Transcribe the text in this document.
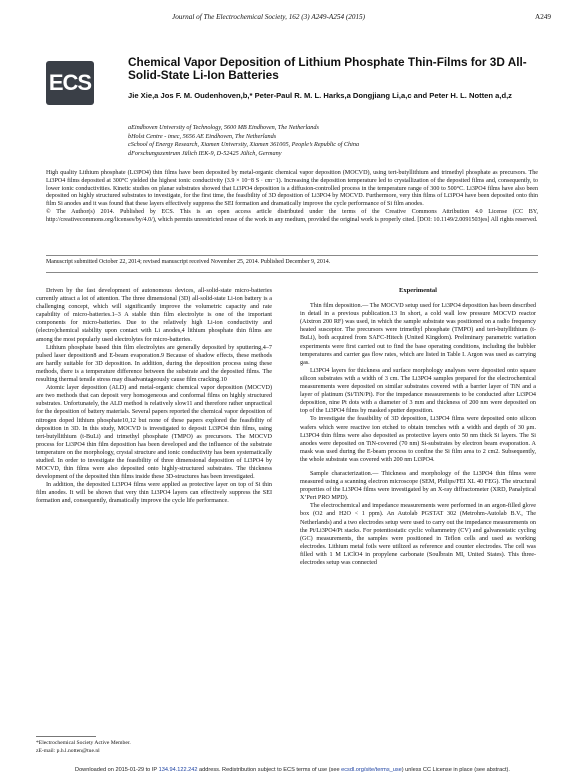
Journal of The Electrochemical Society, 162 (3) A249-A254 (2015)	A249
ECS
Chemical Vapor Deposition of Lithium Phosphate Thin-Films for 3D All-Solid-State Li-Ion Batteries
Jie Xie,a Jos F. M. Oudenhoven,b,* Peter-Paul R. M. L. Harks,a Dongjiang Li,a,c and Peter H. L. Notten a,d,z
aEindhoven University of Technology, 5600 MB Eindhoven, The Netherlands
bHolst Centre - imec, 5656 AE Eindhoven, The Netherlands
cSchool of Energy Research, Xiamen University, Xiamen 361005, People’s Republic of China
dForschungszentrum Jülich IEK-9, D-52425 Jülich, Germany

High quality Lithium phosphate (Li3PO4) thin films have been deposited by metal-organic chemical vapor deposition (MOCVD), using tert-butyllithium and trimethyl phosphate as precursors. The Li3PO4 films deposited at 300°C yielded the highest ionic conductivity (3.9 × 10−8 S · cm−1). Increasing the deposition temperature led to crystallization of the deposited films and, consequently, to lower ionic conductivities. Kinetic studies on planar substrates showed that Li3PO4 deposition is a diffusion-controlled process in the temperature range of 300 to 500°C. Li3PO4 films have also been deposited on highly structured substrates to investigate, for the first time, the feasibility of 3D deposition of Li3PO4 by MOCVD. Furthermore, very thin films of Li3PO4 have been deposited onto thin film Si anodes and it was found that these layers effectively suppress the SEI formation and dramatically improve the cycle performance of Si film anodes.

© The Author(s) 2014. Published by ECS. This is an open access article distributed under the terms of the Creative Commons Attribution 4.0 License (CC BY, http://creativecommons.org/licenses/by/4.0/), which permits unrestricted reuse of the work in any medium, provided the original work is properly cited. [DOI: 10.1149/2.0091503jes] All rights reserved.

Manuscript submitted October 22, 2014; revised manuscript received November 25, 2014. Published December 9, 2014.

Driven by the fast development of autonomous devices, all-solid-state micro-batteries currently attract a lot of attention. The three dimensional (3D) all-solid-state Li-ion battery is a challenging concept, which will significantly improve the volumetric capacity and rate capability of micro-batteries.1–3 A stable thin film electrolyte is one of the important components for micro-batteries. Due to the relatively high Li-ion conductivity and (electro)chemical stability upon contact with Li anodes,4 lithium phosphate thin films are among the most popularly used electrolytes for micro-batteries.

Lithium phosphate based thin film electrolytes are generally deposited by sputtering,4–7 pulsed laser deposition8 and E-beam evaporation.9 Because of shadow effects, these methods are hardly suitable for 3D deposition. In addition, during the deposition process using these methods, there is a temperature difference between the substrate and the deposited films. The resulting thermal tensile stress may disadvantageously cause film cracking.10

Atomic layer deposition (ALD) and metal-organic chemical vapor deposition (MOCVD) are two methods that can deposit very homogeneous and conformal films on highly structured substrates. Unfortunately, the ALD method is relatively slow11 and therefore rather unpractical for the deposition of battery materials. Several papers reported the chemical vapor deposition of nitrogen doped lithium phosphate10,12 but none of these papers explored the feasibility of deposition in 3D. In this study, MOCVD is investigated to deposit Li3PO4 thin films, using tert-butyllithium (t-BuLi) and trimethyl phosphate (TMPO) as precursors. The MOCVD process for Li3PO4 thin film deposition has been developed and the influence of the substrate temperature on the morphology, crystal structure and ionic conductivity has been systematically studied. In order to investigate the feasibility of three dimensional deposition of Li3PO4 by MOCVD, thin films were also deposited onto highly-structured substrates. The thickness development of the deposited thin films inside these 3D-structures has been investigated.

In addition, the deposited Li3PO4 films were applied as protective layer on top of Si thin film anodes. It will be shown that very thin Li3PO4 layers can effectively suppress the SEI formation and, consequently, dramatically improve the cycle life performance.

Experimental

Thin film deposition.— The MOCVD setup used for Li3PO4 deposition has been described in detail in a previous publication.13 In short, a cold wall low pressure MOCVD reactor (Aixtron 200 RF) was used, in which the sample substrate was positioned on a radio frequency heated susceptor. The precursors were trimethyl phosphate (TMPO) and tert-butyllithium (t-BuLi), both acquired from SAFC-Hitech (United Kingdom). Preliminary parametric variation experiments were first carried out to find the base operating conditions, including the bubbler temperatures and carrier gas flow rates, which are listed in Table I. Argon was used as carrying gas.

Li3PO4 layers for thickness and surface morphology analyses were deposited onto square silicon substrates with a width of 3 cm. The Li3PO4 samples prepared for the electrochemical measurements were deposited on similar substrates covered with a barrier layer of TiN and a layer of platinum (Si/TiN/Pt). For the impedance measurements to be conducted after Li3PO4 deposition, nine Pt dots with a diameter of 3 mm and thickness of 200 nm were deposited on top of the Li3PO4 films by masked sputter deposition.

To investigate the feasibility of 3D deposition, Li3PO4 films were deposited onto silicon wafers which were reactive ion etched to obtain trenches with a width and depth of 30 μm. Li3PO4 thin films were also deposited as protective layers onto 50 nm thick Si layers. The Si anodes were deposited on TiN-covered (70 nm) Si-substrates by electron beam evaporation. A mask was used during the E-beam process to confine the Si film area to 2 cm2. Subsequently, the whole substrate was covered with 200 nm Li3PO4.

Sample characterization.— Thickness and morphology of the Li3PO4 thin films were measured using a scanning electron microscope (SEM, Philips/FEI XL 40 FEG). The structural properties of the Li3PO4 films were investigated by an X-ray diffractometer (XRD, Panalytical X’Pert PRO MPD).

The electrochemical and impedance measurements were performed in an argon-filled glove box (O2 and H2O < 1 ppm). An Autolab PGSTAT 302 (Metrohm-Autolab B.V., The Netherlands) and a two electrodes setup were used to carry out the impedance measurements on the Pt/Li3PO4/Pt stacks. For potentiostatic cyclic voltammetry (CV) and galvanostatic cycling (GC) measurements, the samples were positioned in Teflon cells and used as working electrodes. Lithium metal foils were utilized as reference and counter electrodes. The cell was filled with 1 M LiClO4 in propylene carbonate (Soulbrain MI, United States). This three-electrodes setup was connected

*Electrochemical Society Active Member.
zE-mail: p.h.l.notten@tue.nl
Downloaded on 2015-01-29 to IP 134.94.122.242 address. Redistribution subject to ECS terms of use (see ecsdl.org/site/terms_use) unless CC License in place (see abstract).
